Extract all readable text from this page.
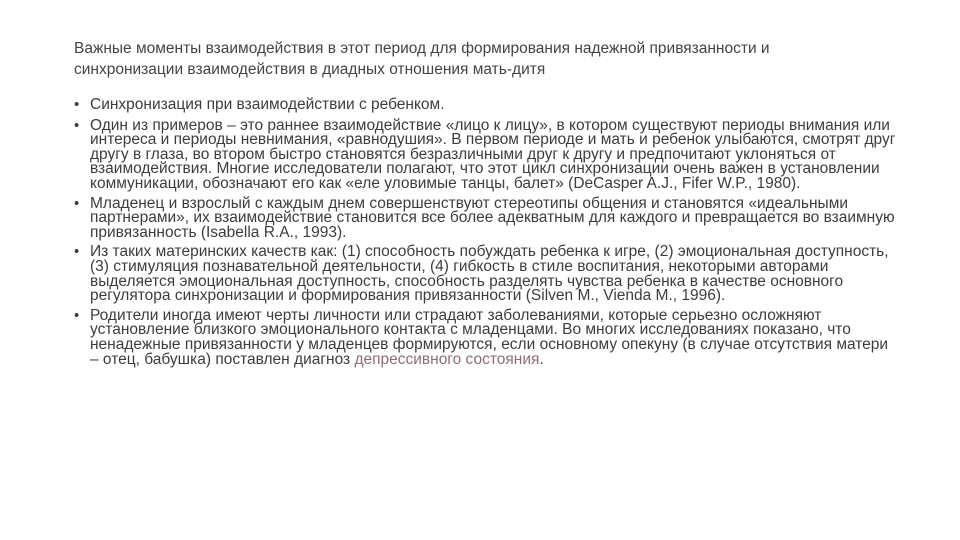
Важные моменты взаимодействия в этот период для формирования надежной привязанности и
синхронизации взаимодействия в диадных отношения мать-дитя
• Синхронизация при взаимодействии с ребенком.
• Один из примеров – это раннее взаимодействие «лицо к лицу», в котором существуют периоды внимания или интереса и периоды невнимания, «равнодушия». В первом периоде и мать и ребенок улыбаются, смотрят друг другу в глаза, во втором быстро становятся безразличными друг к другу и предпочитают уклоняться от взаимодействия. Многие исследователи полагают, что этот цикл синхронизации очень важен в установлении коммуникации, обозначают его как «еле уловимые танцы, балет» (DeCasper A.J., Fifer W.P., 1980).
• Младенец и взрослый с каждым днем совершенствуют стереотипы общения и становятся «идеальными партнерами», их взаимодействие становится все более адекватным для каждого и превращается во взаимную привязанность (Isabella R.A., 1993).
• Из таких материнских качеств как: (1) способность побуждать ребенка к игре, (2) эмоциональная доступность, (3) стимуляция познавательной деятельности, (4) гибкость в стиле воспитания, некоторыми авторами выделяется эмоциональная доступность, способность разделять чувства ребенка в качестве основного регулятора синхронизации и формирования привязанности (Silven M., Vienda M., 1996).
• Родители иногда имеют черты личности или страдают заболеваниями, которые серьезно осложняют установление близкого эмоционального контакта с младенцами. Во многих исследованиях показано, что ненадежные привязанности у младенцев формируются, если основному опекуну (в случае отсутствия матери – отец, бабушка) поставлен диагноз депрессивного состояния.
